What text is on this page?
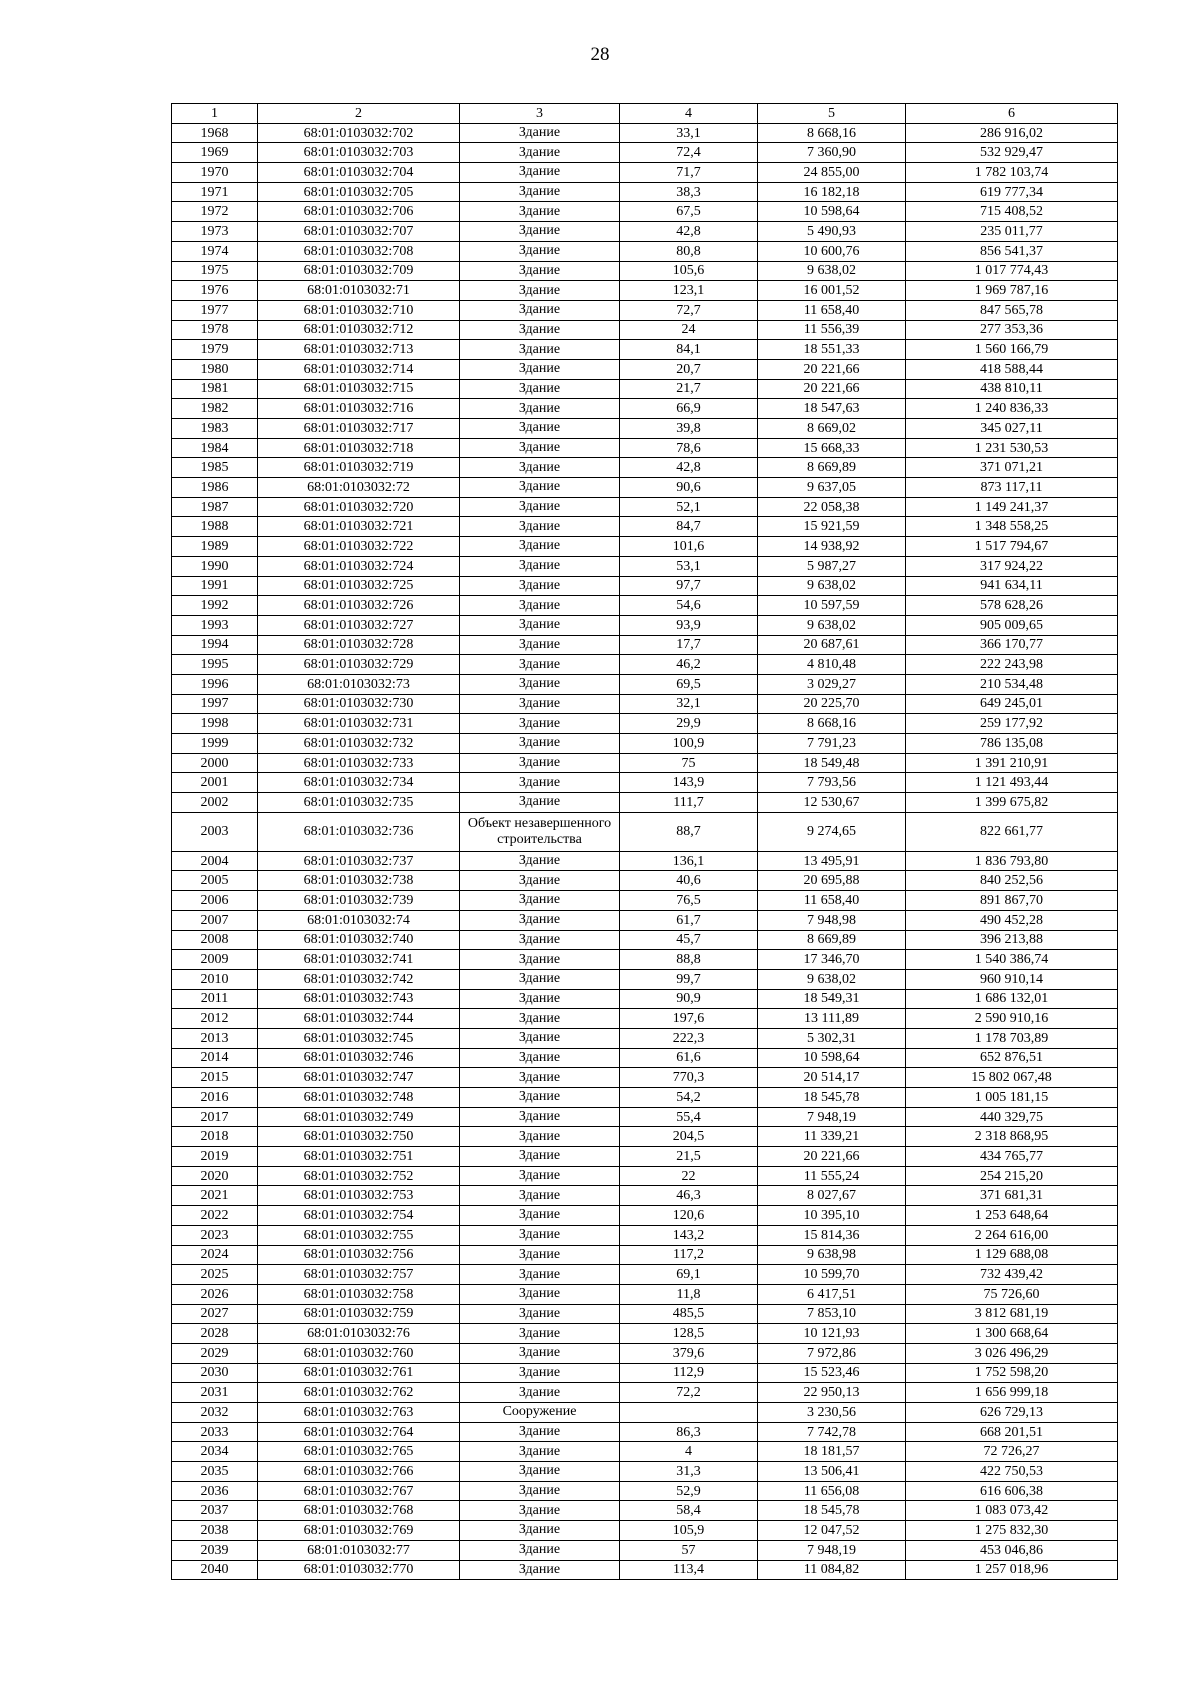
28
1	2	3	4	5	6
1968	68:01:0103032:702	Здание	33,1	8 668,16	286 916,02
1969	68:01:0103032:703	Здание	72,4	7 360,90	532 929,47
1970	68:01:0103032:704	Здание	71,7	24 855,00	1 782 103,74
1971	68:01:0103032:705	Здание	38,3	16 182,18	619 777,34
1972	68:01:0103032:706	Здание	67,5	10 598,64	715 408,52
1973	68:01:0103032:707	Здание	42,8	5 490,93	235 011,77
1974	68:01:0103032:708	Здание	80,8	10 600,76	856 541,37
1975	68:01:0103032:709	Здание	105,6	9 638,02	1 017 774,43
1976	68:01:0103032:71	Здание	123,1	16 001,52	1 969 787,16
1977	68:01:0103032:710	Здание	72,7	11 658,40	847 565,78
1978	68:01:0103032:712	Здание	24	11 556,39	277 353,36
1979	68:01:0103032:713	Здание	84,1	18 551,33	1 560 166,79
1980	68:01:0103032:714	Здание	20,7	20 221,66	418 588,44
1981	68:01:0103032:715	Здание	21,7	20 221,66	438 810,11
1982	68:01:0103032:716	Здание	66,9	18 547,63	1 240 836,33
1983	68:01:0103032:717	Здание	39,8	8 669,02	345 027,11
1984	68:01:0103032:718	Здание	78,6	15 668,33	1 231 530,53
1985	68:01:0103032:719	Здание	42,8	8 669,89	371 071,21
1986	68:01:0103032:72	Здание	90,6	9 637,05	873 117,11
1987	68:01:0103032:720	Здание	52,1	22 058,38	1 149 241,37
1988	68:01:0103032:721	Здание	84,7	15 921,59	1 348 558,25
1989	68:01:0103032:722	Здание	101,6	14 938,92	1 517 794,67
1990	68:01:0103032:724	Здание	53,1	5 987,27	317 924,22
1991	68:01:0103032:725	Здание	97,7	9 638,02	941 634,11
1992	68:01:0103032:726	Здание	54,6	10 597,59	578 628,26
1993	68:01:0103032:727	Здание	93,9	9 638,02	905 009,65
1994	68:01:0103032:728	Здание	17,7	20 687,61	366 170,77
1995	68:01:0103032:729	Здание	46,2	4 810,48	222 243,98
1996	68:01:0103032:73	Здание	69,5	3 029,27	210 534,48
1997	68:01:0103032:730	Здание	32,1	20 225,70	649 245,01
1998	68:01:0103032:731	Здание	29,9	8 668,16	259 177,92
1999	68:01:0103032:732	Здание	100,9	7 791,23	786 135,08
2000	68:01:0103032:733	Здание	75	18 549,48	1 391 210,91
2001	68:01:0103032:734	Здание	143,9	7 793,56	1 121 493,44
2002	68:01:0103032:735	Здание	111,7	12 530,67	1 399 675,82
2003	68:01:0103032:736	Объект незавершенного строительства	88,7	9 274,65	822 661,77
2004	68:01:0103032:737	Здание	136,1	13 495,91	1 836 793,80
2005	68:01:0103032:738	Здание	40,6	20 695,88	840 252,56
2006	68:01:0103032:739	Здание	76,5	11 658,40	891 867,70
2007	68:01:0103032:74	Здание	61,7	7 948,98	490 452,28
2008	68:01:0103032:740	Здание	45,7	8 669,89	396 213,88
2009	68:01:0103032:741	Здание	88,8	17 346,70	1 540 386,74
2010	68:01:0103032:742	Здание	99,7	9 638,02	960 910,14
2011	68:01:0103032:743	Здание	90,9	18 549,31	1 686 132,01
2012	68:01:0103032:744	Здание	197,6	13 111,89	2 590 910,16
2013	68:01:0103032:745	Здание	222,3	5 302,31	1 178 703,89
2014	68:01:0103032:746	Здание	61,6	10 598,64	652 876,51
2015	68:01:0103032:747	Здание	770,3	20 514,17	15 802 067,48
2016	68:01:0103032:748	Здание	54,2	18 545,78	1 005 181,15
2017	68:01:0103032:749	Здание	55,4	7 948,19	440 329,75
2018	68:01:0103032:750	Здание	204,5	11 339,21	2 318 868,95
2019	68:01:0103032:751	Здание	21,5	20 221,66	434 765,77
2020	68:01:0103032:752	Здание	22	11 555,24	254 215,20
2021	68:01:0103032:753	Здание	46,3	8 027,67	371 681,31
2022	68:01:0103032:754	Здание	120,6	10 395,10	1 253 648,64
2023	68:01:0103032:755	Здание	143,2	15 814,36	2 264 616,00
2024	68:01:0103032:756	Здание	117,2	9 638,98	1 129 688,08
2025	68:01:0103032:757	Здание	69,1	10 599,70	732 439,42
2026	68:01:0103032:758	Здание	11,8	6 417,51	75 726,60
2027	68:01:0103032:759	Здание	485,5	7 853,10	3 812 681,19
2028	68:01:0103032:76	Здание	128,5	10 121,93	1 300 668,64
2029	68:01:0103032:760	Здание	379,6	7 972,86	3 026 496,29
2030	68:01:0103032:761	Здание	112,9	15 523,46	1 752 598,20
2031	68:01:0103032:762	Здание	72,2	22 950,13	1 656 999,18
2032	68:01:0103032:763	Сооружение		3 230,56	626 729,13
2033	68:01:0103032:764	Здание	86,3	7 742,78	668 201,51
2034	68:01:0103032:765	Здание	4	18 181,57	72 726,27
2035	68:01:0103032:766	Здание	31,3	13 506,41	422 750,53
2036	68:01:0103032:767	Здание	52,9	11 656,08	616 606,38
2037	68:01:0103032:768	Здание	58,4	18 545,78	1 083 073,42
2038	68:01:0103032:769	Здание	105,9	12 047,52	1 275 832,30
2039	68:01:0103032:77	Здание	57	7 948,19	453 046,86
2040	68:01:0103032:770	Здание	113,4	11 084,82	1 257 018,96
